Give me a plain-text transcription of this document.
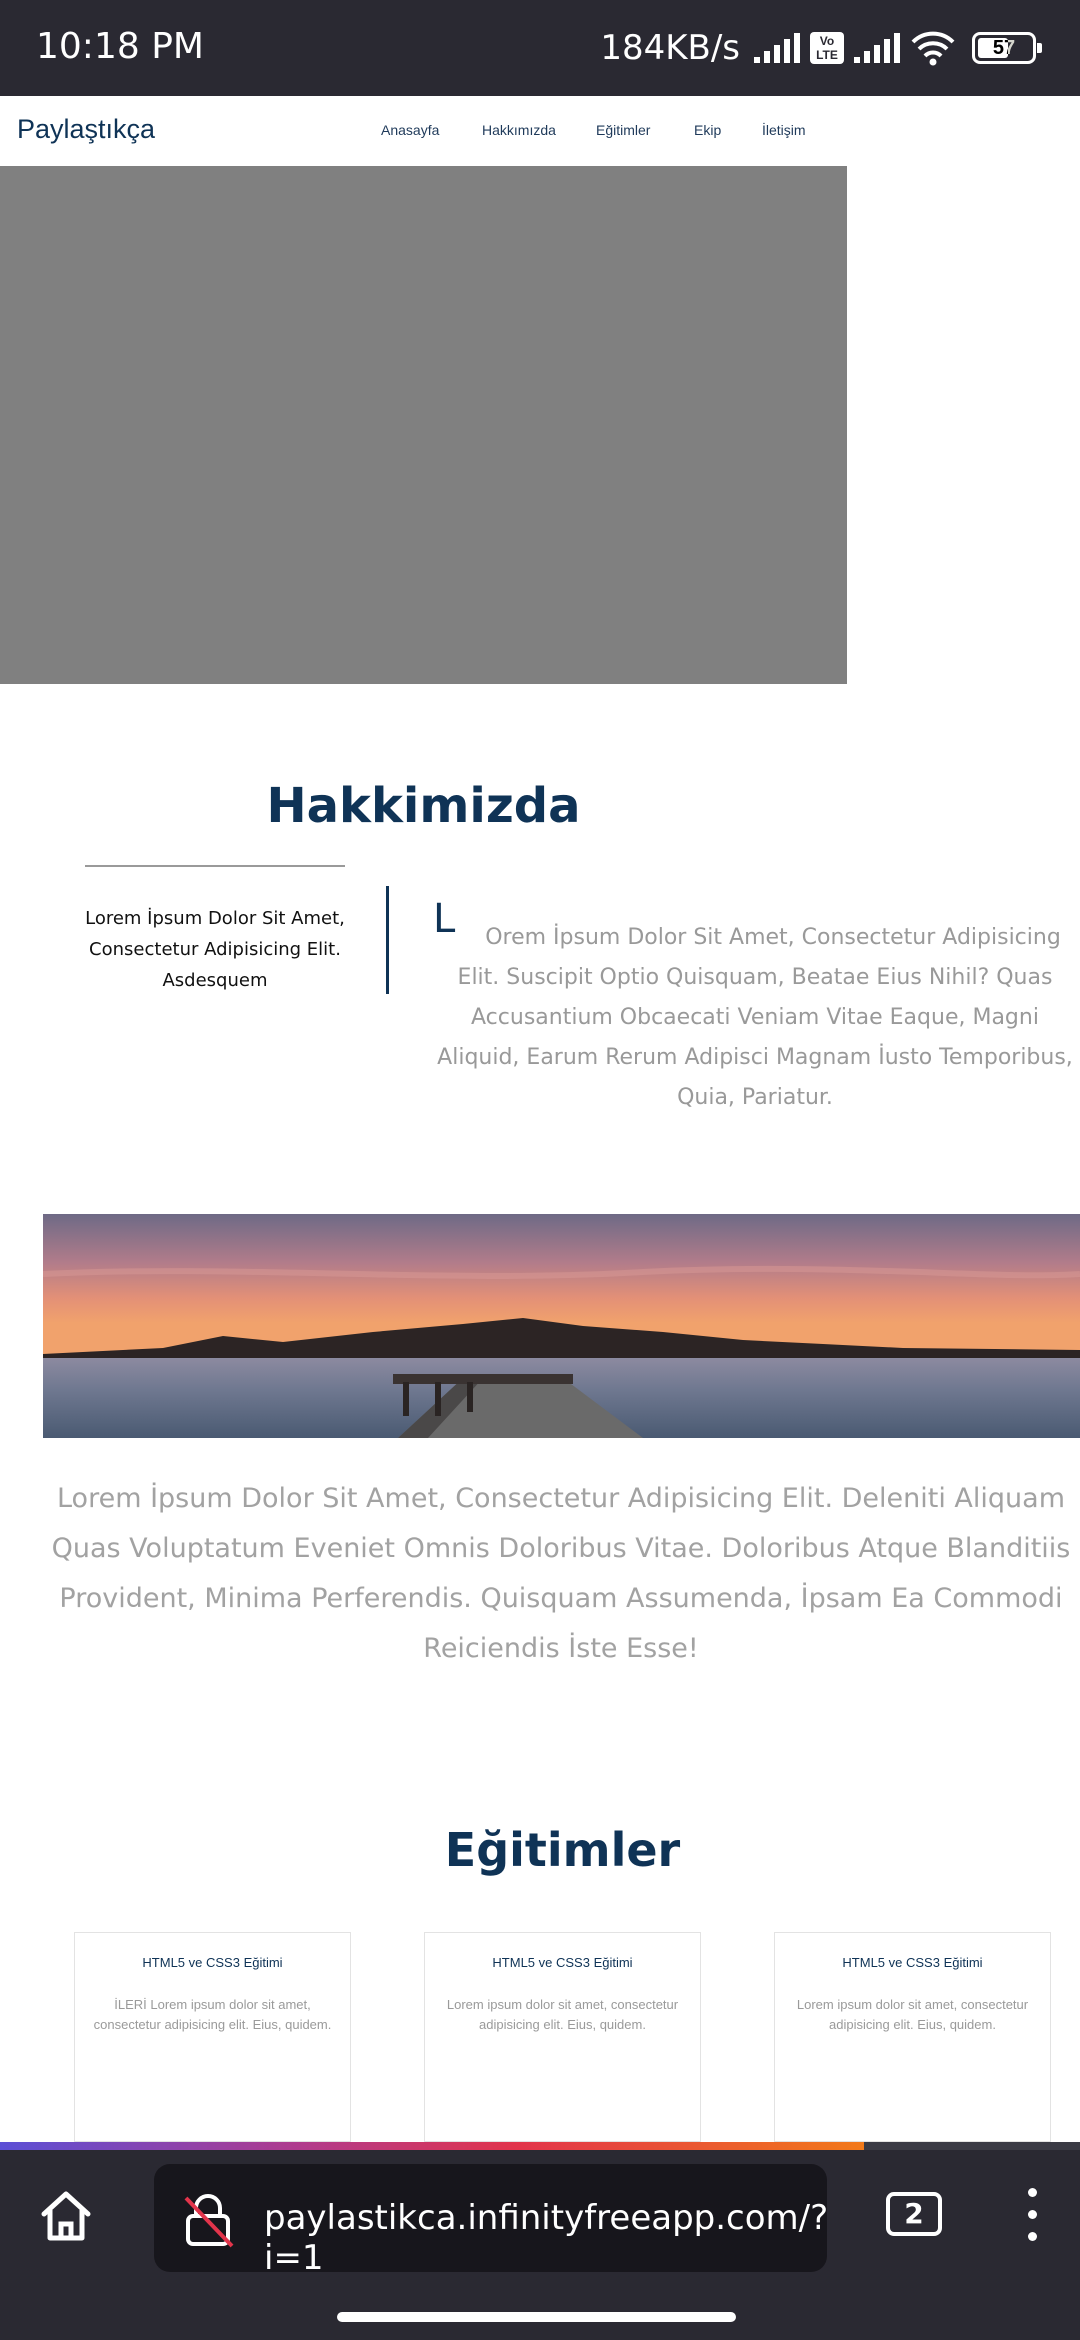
10:18 PM	184KB/s	Vo LTE	57
Paylaştıkça	Anasayfa	Hakkımızda	Eğitimler	Ekip	İletişim
Hakkimizda
Lorem İpsum Dolor Sit Amet, Consectetur Adipisicing Elit. Asdesquem
L	Orem İpsum Dolor Sit Amet, Consectetur Adipisicing Elit. Suscipit Optio Quisquam, Beatae Eius Nihil? Quas Accusantium Obcaecati Veniam Vitae Eaque, Magni Aliquid, Earum Rerum Adipisci Magnam İusto Temporibus, Quia, Pariatur.
Lorem İpsum Dolor Sit Amet, Consectetur Adipisicing Elit. Deleniti Aliquam Quas Voluptatum Eveniet Omnis Doloribus Vitae. Doloribus Atque Blanditiis Provident, Minima Perferendis. Quisquam Assumenda, İpsam Ea Commodi Reiciendis İste Esse!
Eğitimler
HTML5 ve CSS3 Eğitimi
İLERİ Lorem ipsum dolor sit amet, consectetur adipisicing elit. Eius, quidem.
HTML5 ve CSS3 Eğitimi
Lorem ipsum dolor sit amet, consectetur adipisicing elit. Eius, quidem.
HTML5 ve CSS3 Eğitimi
Lorem ipsum dolor sit amet, consectetur adipisicing elit. Eius, quidem.
paylastikca.infinityfreeapp.com/?i=1
2
